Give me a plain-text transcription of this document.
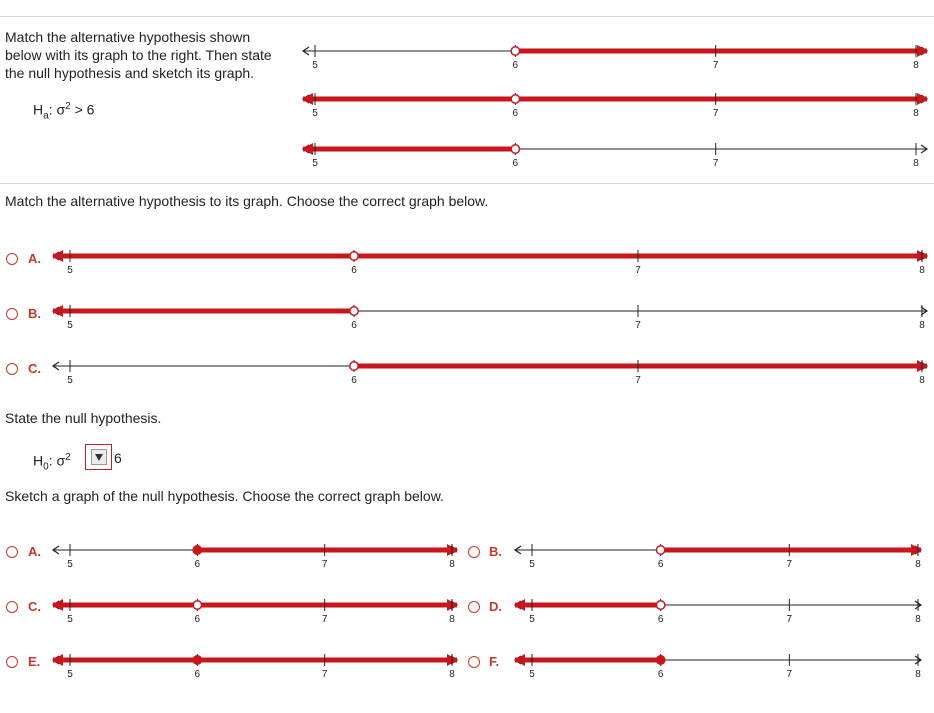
Match the alternative hypothesis shown
below with its graph to the right. Then state
the null hypothesis and sketch its graph.
$H_a$: $\sigma^2 > 6$
5	6	7	8
5	6	7	8
5	6	7	8
Match the alternative hypothesis to its graph. Choose the correct graph below.
A.
5	6	7	8
B.
5	6	7	8
C.
5	6	7	8
State the null hypothesis.
$H_0$: $\sigma^2$	6
Sketch a graph of the null hypothesis. Choose the correct graph below.
A.
5	6	7	8
C.
5	6	7	8
E.
5	6	7	8
B.
5	6	7	8
D.
5	6	7	8
F.
5	6	7	8
